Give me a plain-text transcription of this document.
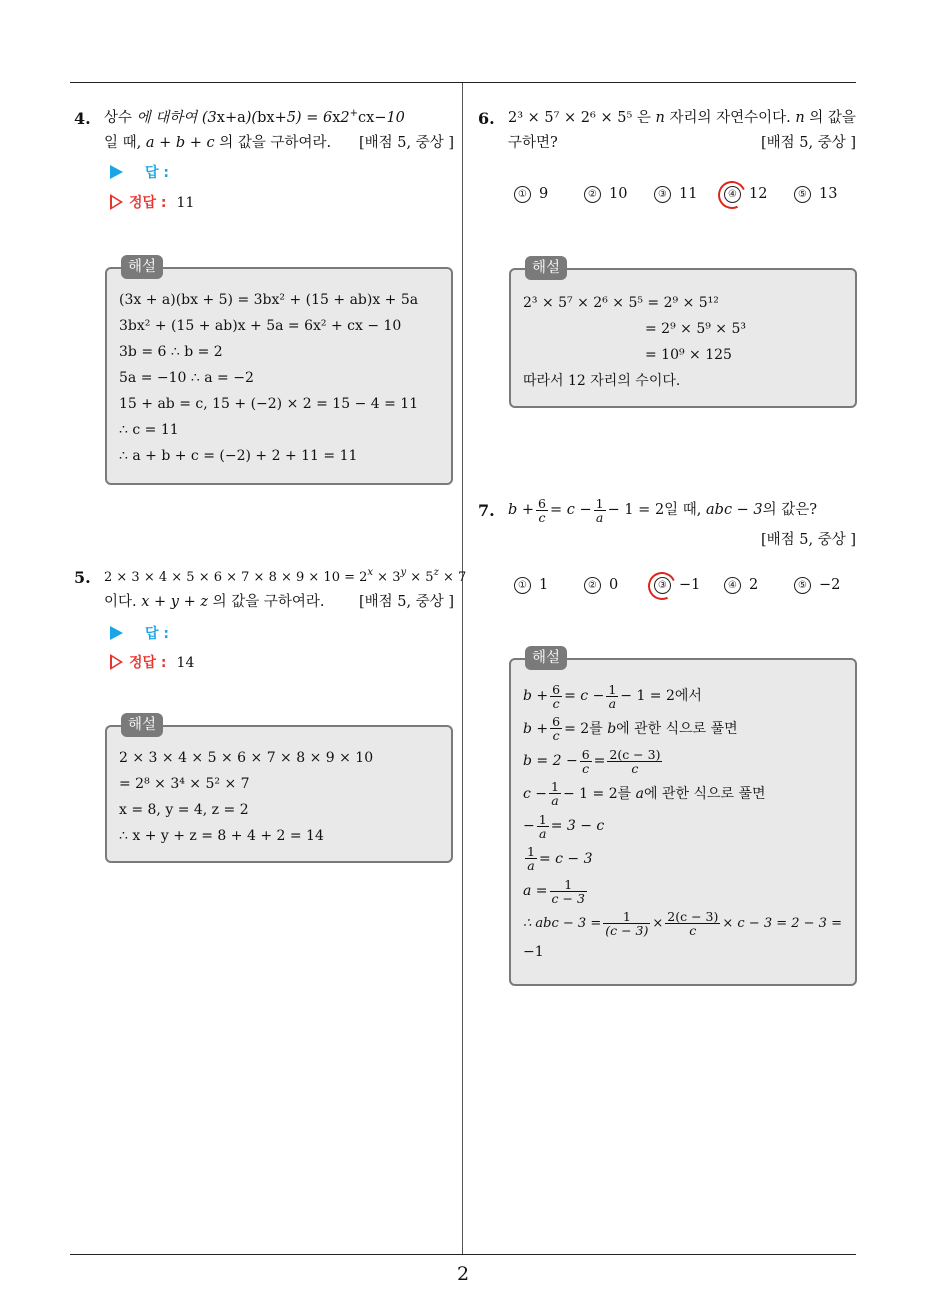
4. 상수 에 대하여 (3x+a)(bx+5) = 6x2+cx−10
일 때, a + b + c 의 값을 구하여라. [배점 5, 중상 ]
답 :
정답 : 11
해설
(3x + a)(bx + 5) = 3bx² + (15 + ab)x + 5a
3bx² + (15 + ab)x + 5a = 6x² + cx − 10
3b = 6 ∴ b = 2
5a = −10 ∴ a = −2
15 + ab = c, 15 + (−2) × 2 = 15 − 4 = 11
∴ c = 11
∴ a + b + c = (−2) + 2 + 11 = 11
5. $2 \times 3 \times 4 \times 5 \times 6 \times 7 \times 8 \times 9 \times 10 = 2^x \times 3^y \times 5^z \times 7$
이다. x + y + z 의 값을 구하여라. [배점 5, 중상 ]
답 :
정답 : 14
해설
2 × 3 × 4 × 5 × 6 × 7 × 8 × 9 × 10
= 2⁸ × 3⁴ × 5² × 7
x = 8, y = 4, z = 2
∴ x + y + z = 8 + 4 + 2 = 14
6. 2³ × 5⁷ × 2⁶ × 5⁵ 은 n 자리의 자연수이다. n 의 값을
구하면?	[배점 5, 중상 ]
① 9	② 10	③ 11	④ 12	⑤ 13
해설
2³ × 5⁷ × 2⁶ × 5⁵ = 2⁹ × 5¹²
= 2⁹ × 5⁹ × 5³
= 10⁹ × 125
따라서 12 자리의 수이다.
7. $b + \frac{6}{c} = c - \frac{1}{a} - 1 = 2$일 때, abc − 3의 값은?
[배점 5, 중상 ]
① 1	② 0	③ −1	④ 2	⑤ −2
해설
$b + \frac{6}{c} = c - \frac{1}{a} - 1 = 2$에서
$b + \frac{6}{c} = 2$를 b에 관한 식으로 풀면
$b = 2 - \frac{6}{c} = \frac{2(c - 3)}{c}$
$c - \frac{1}{a} - 1 = 2$를 a에 관한 식으로 풀면
− $\frac{1}{a} = 3 - c$
$\frac{1}{a} = c - 3$
$a = \frac{1}{c - 3}$
∴ abc − $3 = \frac{1}{(c - 3)} \times \frac{2(c - 3)}{c} \times c - 3 = 2 - 3$ =
−1
2
